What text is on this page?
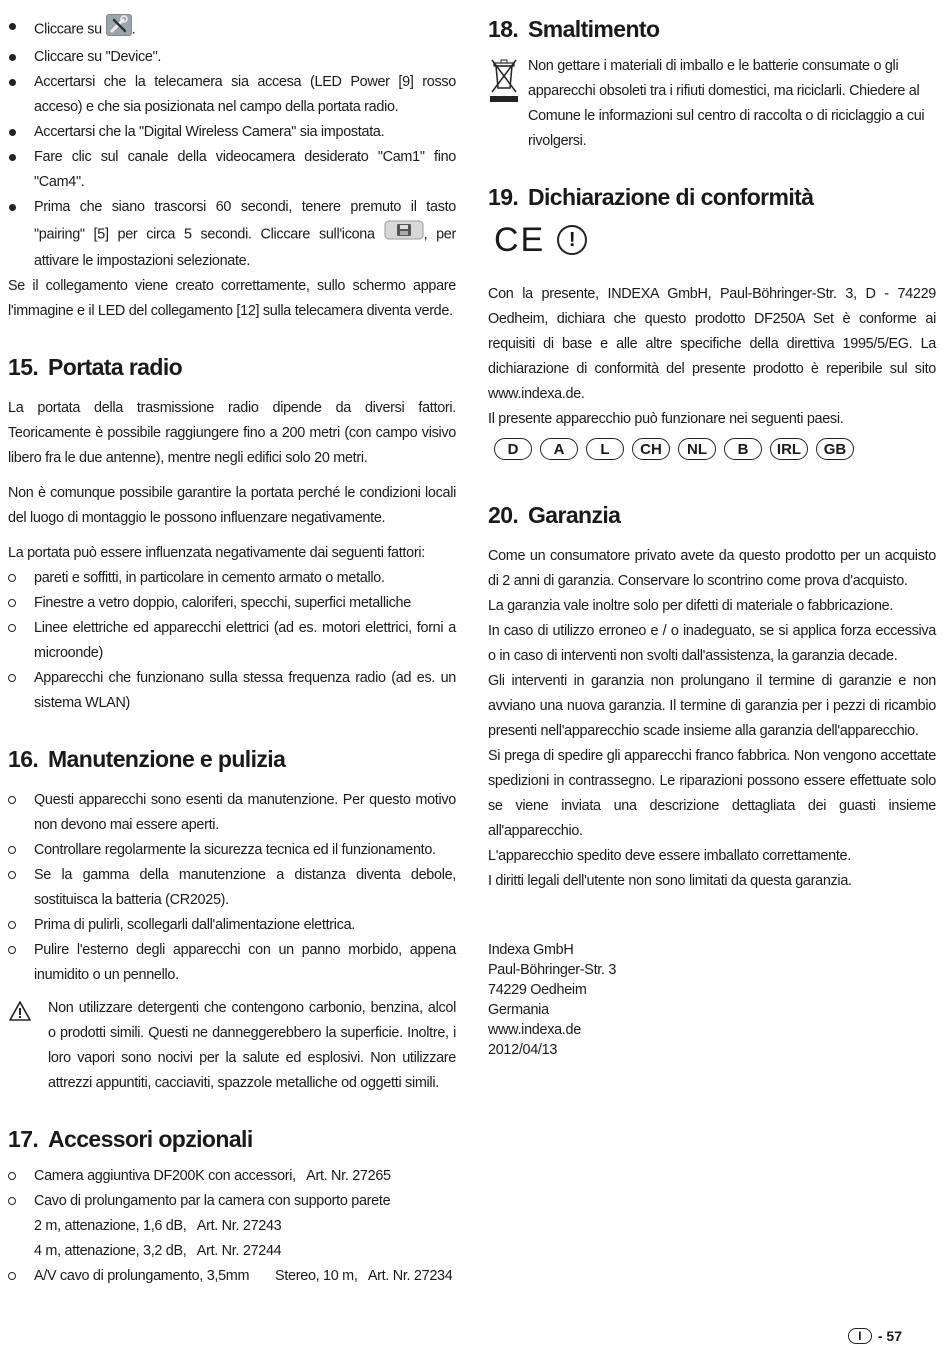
Cliccare su .
Cliccare su "Device".
Accertarsi che la telecamera sia accesa (LED Power [9] rosso acceso) e che sia posizionata nel campo della portata radio.
Accertarsi che la "Digital Wireless Camera" sia impostata.
Fare clic sul canale della videocamera desiderato "Cam1" fino "Cam4".
Prima che siano trascorsi 60 secondi, tenere premuto il tasto "pairing" [5] per circa 5 secondi. Cliccare sull'icona	, per attivare le impostazioni selezionate.

Se il collegamento viene creato correttamente, sullo schermo appare l'immagine e il LED del collegamento [12] sulla telecamera diventa verde.

15. Portata radio

La portata della trasmissione radio dipende da diversi fattori. Teoricamente è possibile raggiungere fino a 200 metri (con campo visivo libero fra le due antenne), mentre negli edifici solo 20 metri.

Non è comunque possibile garantire la portata perché le condizioni locali del luogo di montaggio le possono influenzare negativamente.

La portata può essere influenzata negativamente dai seguenti fattori:

pareti e soffitti, in particolare in cemento armato o metallo.
Finestre a vetro doppio, caloriferi, specchi, superfici metalliche
Linee elettriche ed apparecchi elettrici (ad es. motori elettrici, forni a microonde)
Apparecchi che funzionano sulla stessa frequenza radio (ad es. un sistema WLAN)
16. Manutenzione e pulizia
Questi apparecchi sono esenti da manutenzione. Per questo motivo non devono mai essere aperti.
Controllare regolarmente la sicurezza tecnica ed il funzionamento.
Se la gamma della manutenzione a distanza diventa debole, sostituisca la batteria (CR2025).
Prima di pulirli, scollegarli dall'alimentazione elettrica.
Pulire l'esterno degli apparecchi con un panno morbido, appena inumidito o un pennello.

Non utilizzare detergenti che contengono carbonio, benzina, alcol o prodotti simili. Questi ne danneggerebbero la superficie. Inoltre, i loro vapori sono nocivi per la salute ed esplosivi. Non utilizzare attrezzi appuntiti, cacciaviti, spazzole metalliche od oggetti simili.

17. Accessori opzionali
Camera aggiuntiva DF200K con accessori,   Art. Nr. 27265
Cavo di prolungamento par la camera con supporto parete
2 m, attenazione, 1,6 dB,   Art. Nr. 27243
4 m, attenazione, 3,2 dB,   Art. Nr. 27244
A/V cavo di prolungamento, 3,5mm       Stereo, 10 m,   Art. Nr. 27234
18. Smaltimento

Non gettare i materiali di imballo e le batterie consumate o gli apparecchi obsoleti tra i rifiuti domestici, ma riciclarli. Chiedere al Comune le informazioni sul centro di raccolta o di riciclaggio a cui rivolgersi.

19. Dichiarazione di conformità
CE !

Con la presente, INDEXA GmbH, Paul-Böhringer-Str. 3, D - 74229 Oedheim, dichiara che questo prodotto DF250A Set è conforme ai requisiti di base e alle altre specifiche della direttiva 1995/5/EG. La dichiarazione di conformità del presente prodotto è reperibile sul sito www.indexa.de.

Il presente apparecchio può funzionare nei seguenti paesi.

D	A	L	CH	NL	B	IRL	GB
20. Garanzia

Come un consumatore privato avete da questo prodotto per un acquisto di 2 anni di garanzia. Conservare lo scontrino come prova d'acquisto.

La garanzia vale inoltre solo per difetti di materiale o fabbricazione.

In caso di utilizzo erroneo e / o inadeguato, se si applica forza eccessiva o in caso di interventi non svolti dall'assistenza, la garanzia decade.

Gli interventi in garanzia non prolungano il termine di garanzie e non avviano una nuova garanzia. Il termine di garanzia per i pezzi di ricambio presenti nell'apparecchio scade insieme alla garanzia dell'apparecchio.

Si prega di spedire gli apparecchi franco fabbrica. Non vengono accettate spedizioni in contrassegno. Le riparazioni possono essere effettuate solo se viene inviata una descrizione dettagliata dei guasti insieme all'apparecchio.

L'apparecchio spedito deve essere imballato correttamente.

I diritti legali dell'utente non sono limitati da questa garanzia.

Indexa GmbH
Paul-Böhringer-Str. 3
74229 Oedheim
Germania
www.indexa.de
2012/04/13
I	- 57
